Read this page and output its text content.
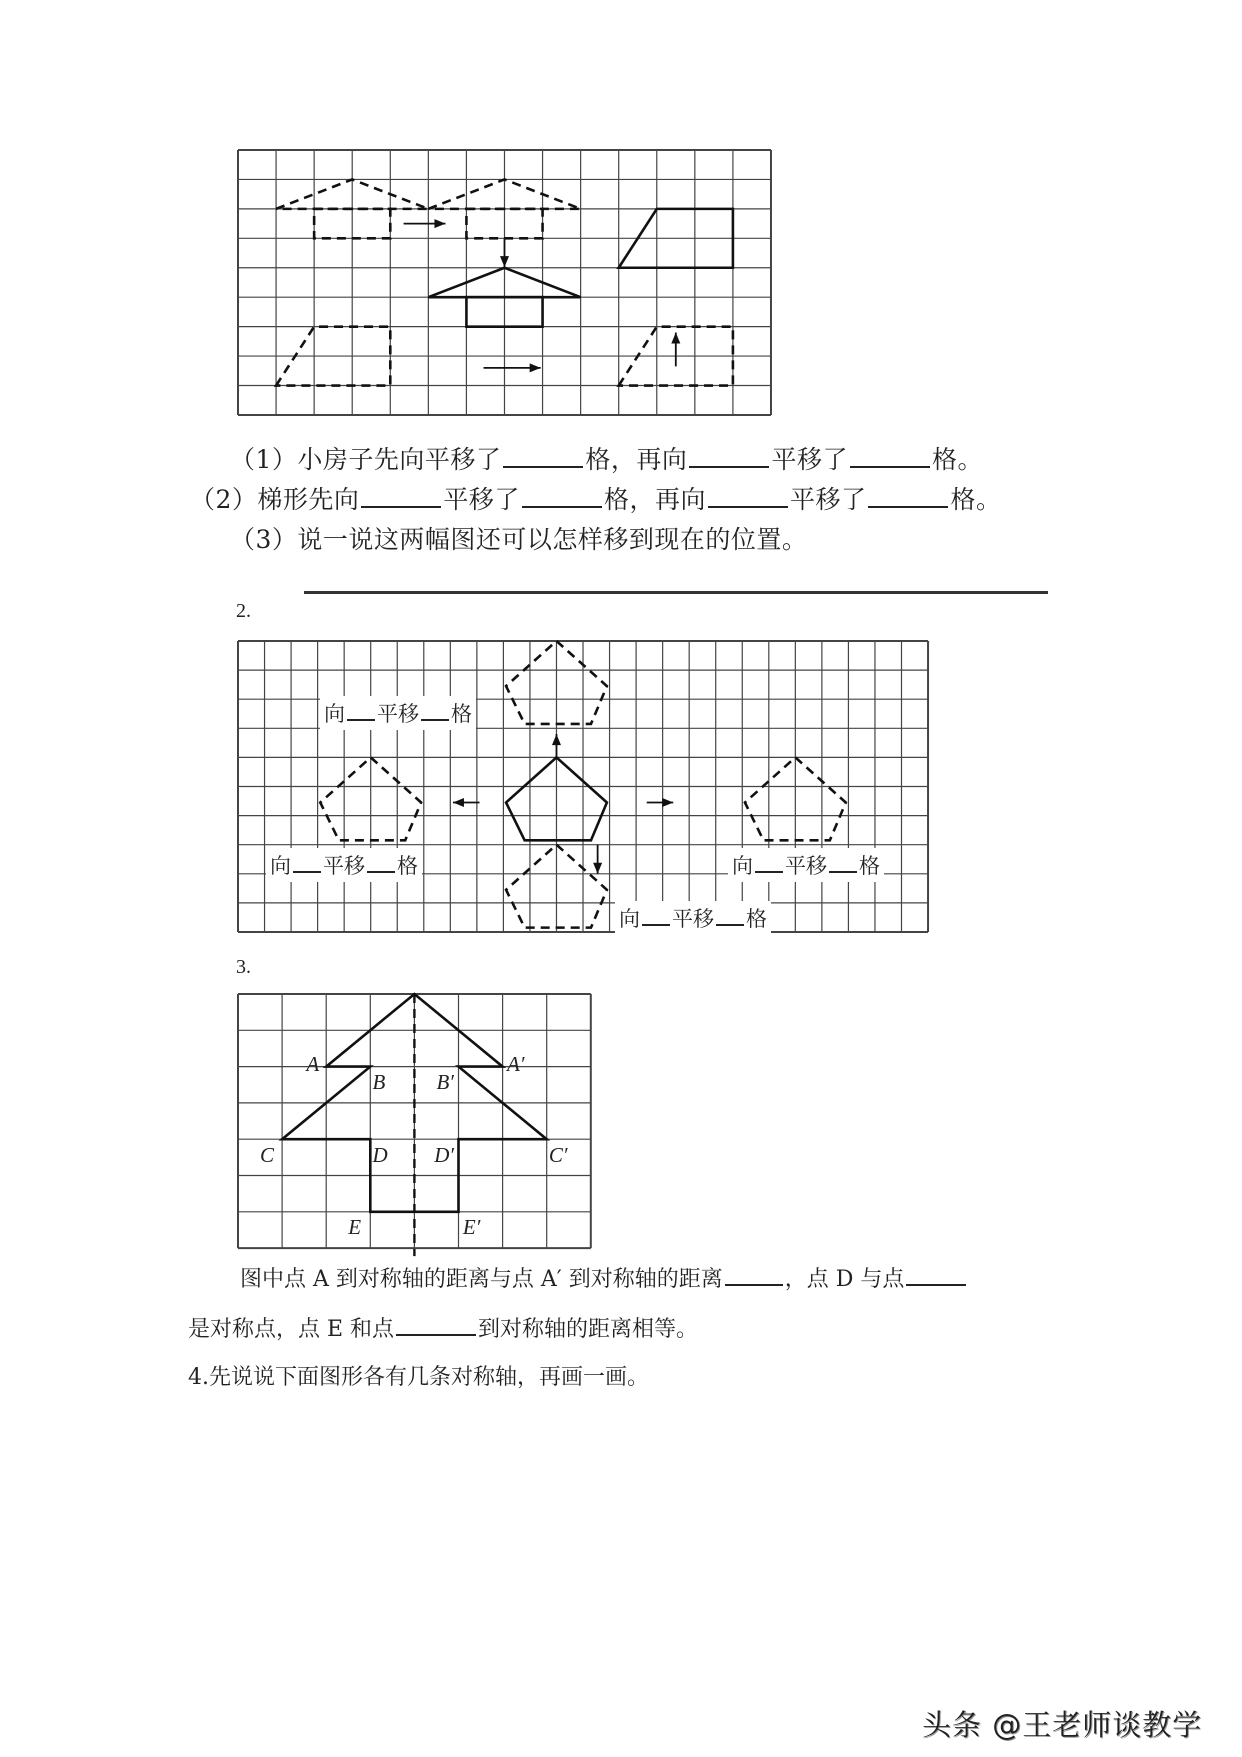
（1）小房子先向平移了	格，再向	平移了	格。
（2）梯形先向	平移了	格，再向	平移了	格。
（3）说一说这两幅图还可以怎样移到现在的位置。
2.
向 平移 格
向 平移 格	向 平移 格
向 平移 格
3.
A	A′
B B′
C	C′
D D′
E	E′
图中点 A 到对称轴的距离与点 A′ 到对称轴的距离	，点 D 与点
是对称点，点 E 和点	到对称轴的距离相等。
4.先说说下面图形各有几条对称轴，再画一画。
头条 @王老师谈教学
